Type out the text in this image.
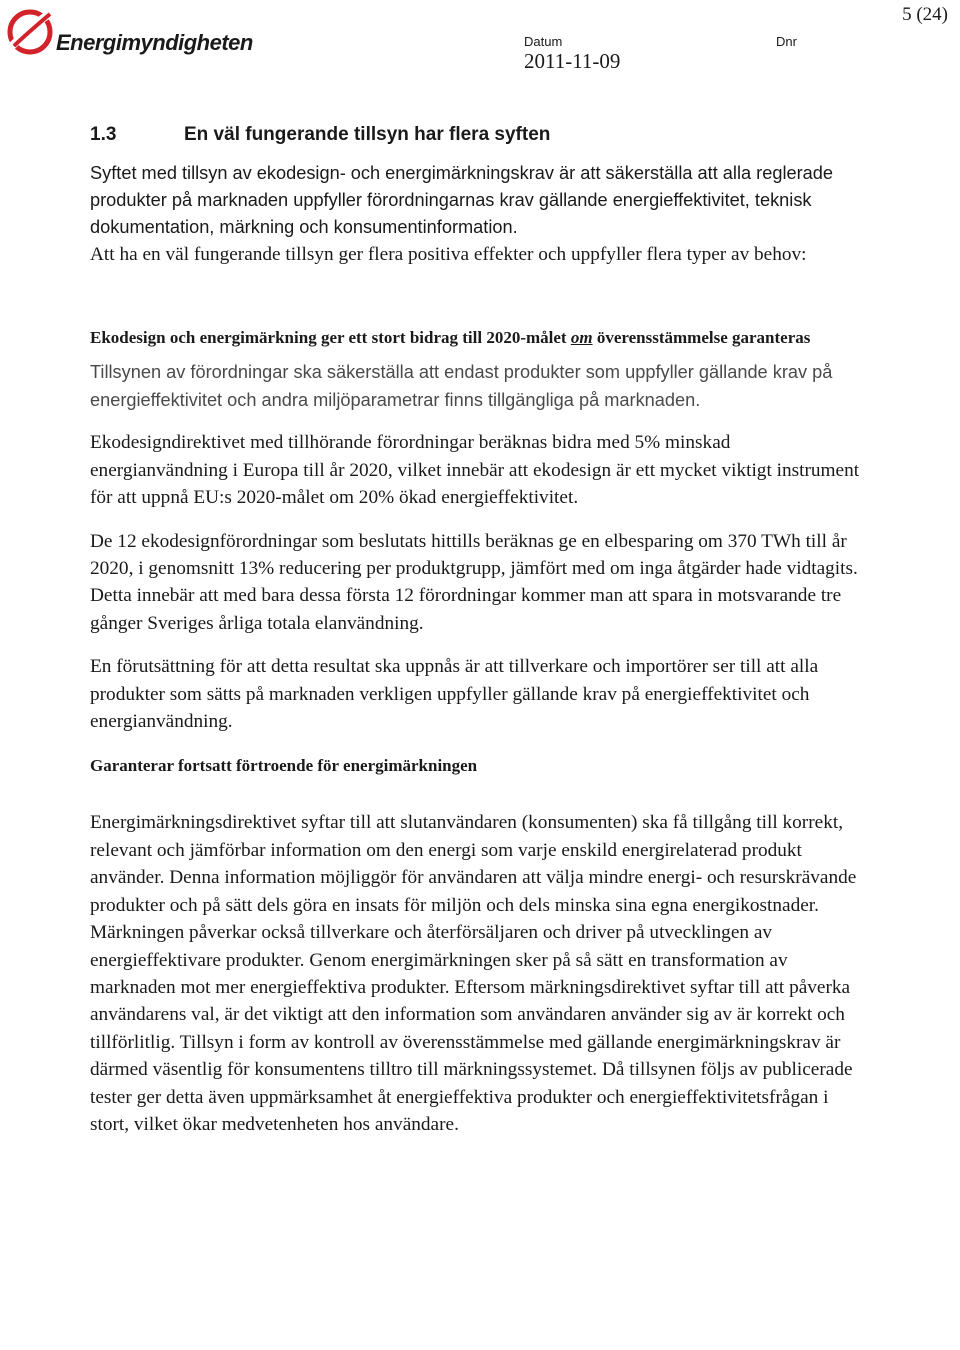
Energimyndigheten	Datum
2011-11-09
Dnr
5 (24)
1.3	En väl fungerande tillsyn har flera syften

Syftet med tillsyn av ekodesign- och energimärkningskrav är att säkerställa att alla reglerade produkter på marknaden uppfyller förordningarnas krav gällande energieffektivitet, teknisk dokumentation, märkning och konsumentinformation.

Att ha en väl fungerande tillsyn ger flera positiva effekter och uppfyller flera typer av behov:

Ekodesign och energimärkning ger ett stort bidrag till 2020-målet om överensstämmelse garanteras

Tillsynen av förordningar ska säkerställa att endast produkter som uppfyller gällande krav på energieffektivitet och andra miljöparametrar finns tillgängliga på marknaden.

Ekodesigndirektivet med tillhörande förordningar beräknas bidra med 5% minskad energianvändning i Europa till år 2020, vilket innebär att ekodesign är ett mycket viktigt instrument för att uppnå EU:s 2020-målet om 20% ökad energieffektivitet.

De 12 ekodesignförordningar som beslutats hittills beräknas ge en elbesparing om 370 TWh till år 2020, i genomsnitt 13% reducering per produktgrupp, jämfört med om inga åtgärder hade vidtagits. Detta innebär att med bara dessa första 12 förordningar kommer man att spara in motsvarande tre gånger Sveriges årliga totala elanvändning.

En förutsättning för att detta resultat ska uppnås är att tillverkare och importörer ser till att alla produkter som sätts på marknaden verkligen uppfyller gällande krav på energieffektivitet och energianvändning.

Garanterar fortsatt förtroende för energimärkningen

Energimärkningsdirektivet syftar till att slutanvändaren (konsumenten) ska få tillgång till korrekt, relevant och jämförbar information om den energi som varje enskild energirelaterad produkt använder. Denna information möjliggör för användaren att välja mindre energi- och resurskrävande produkter och på sätt dels göra en insats för miljön och dels minska sina egna energikostnader. Märkningen påverkar också tillverkare och återförsäljaren och driver på utvecklingen av energieffektivare produkter. Genom energimärkningen sker på så sätt en transformation av marknaden mot mer energieffektiva produkter. Eftersom märkningsdirektivet syftar till att påverka användarens val, är det viktigt att den information som användaren använder sig av är korrekt och tillförlitlig. Tillsyn i form av kontroll av överensstämmelse med gällande energimärkningskrav är därmed väsentlig för konsumentens tilltro till märkningssystemet. Då tillsynen följs av publicerade tester ger detta även uppmärksamhet åt energieffektiva produkter och energieffektivitetsfrågan i stort, vilket ökar medvetenheten hos användare.
